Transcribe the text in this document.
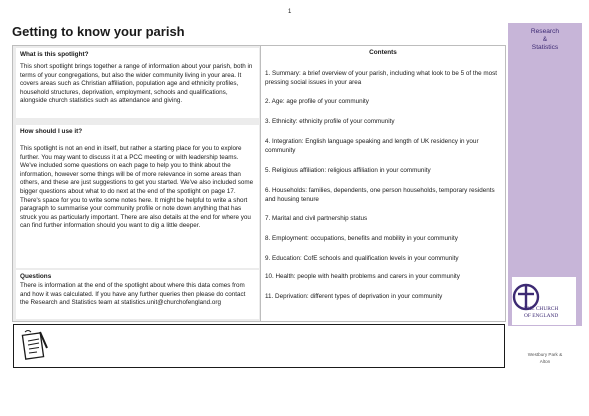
1
Getting to know your parish
What is this spotlight?
This short spotlight brings together a range of information about your parish, both in terms of your congregations, but also the wider community living in your area. It covers areas such as Christian affiliation, population age and ethnicity profiles, household structures, deprivation, employment, schools and qualifications, alongside church statistics such as attendance and giving.
How should I use it?
This spotlight is not an end in itself, but rather a starting place for you to explore further. You may want to discuss it at a PCC meeting or with leadership teams. We've included some questions on each page to help you to think about the information, however some things will be of more relevance in some areas than others, and these are just suggestions to get you started. We've also included some bigger questions about what to do next at the end of the spotlight on page 17. There's space for you to write some notes here. It might be helpful to write a short paragraph to summarise your community profile or note down anything that has struck you as particularly important. There are also details at the end for where you can find further information should you want to dig a little deeper.
Questions
There is information at the end of the spotlight about where this data comes from and how it was calculated. If you have any further queries then please do contact the Research and Statistics team at statistics.unit@churchofengland.org
Contents
1. Summary: a brief overview of your parish, including what look to be 5 of the most pressing social issues in your area
2. Age: age profile of your community
3. Ethnicity: ethnicity profile of your community
4. Integration: English language speaking and length of UK residency in your community
5. Religious affiliation: religious affiliation in your community
6. Households: families, dependents, one person households, temporary residents and housing tenure
7. Marital and civil partnership status
8. Employment: occupations, benefits and mobility in your community
9. Education: CofE schools and qualification levels in your community
10. Health: people with health problems and carers in your community
11. Deprivation: different types of deprivation in your community
Research
&
Statistics
THE CHURCH
OF ENGLAND
Westbury Park &
Alton
